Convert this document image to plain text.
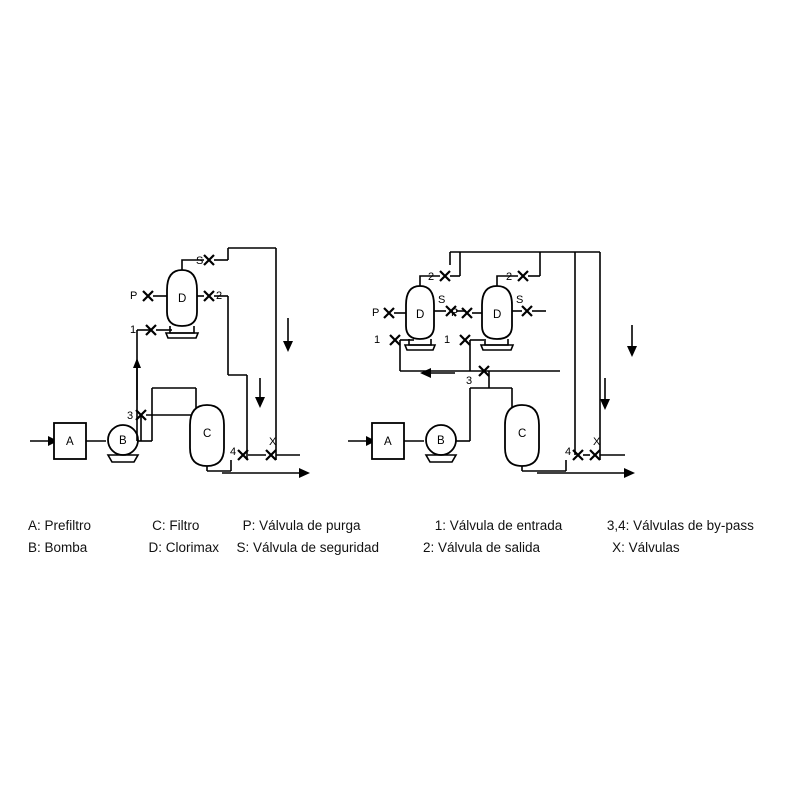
A	B
1
P	D
S
2
3
C
4
X	A	B
3
1	1
P	P
D	D
S	S
2	2
C
4
X
A: Prefiltro	C: Filtro	P: Válvula de purga	1: Válvula de entrada	3,4: Válvulas de by-pass
B: Bomba	D: Clorimax	S: Válvula de seguridad	2: Válvula de salida	X: Válvulas
